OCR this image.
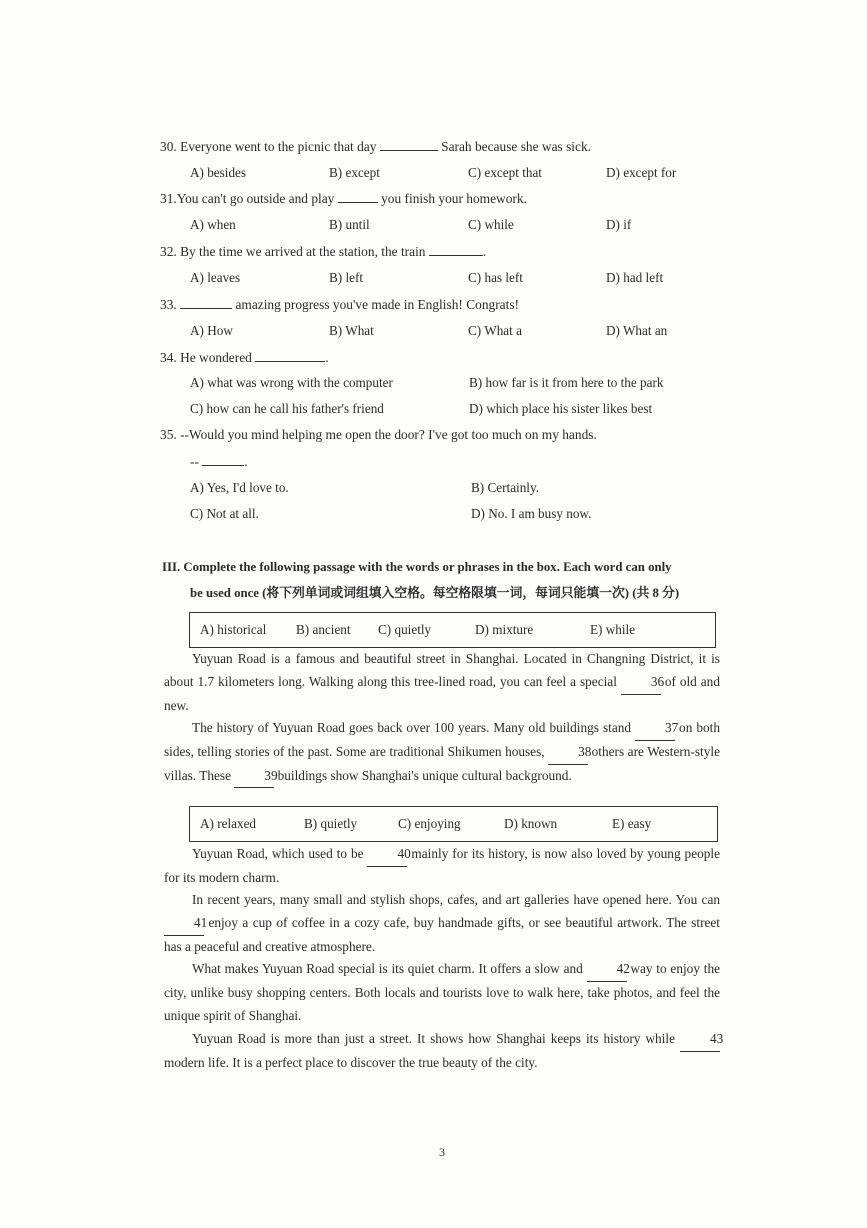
30. Everyone went to the picnic that day	Sarah because she was sick.
A) besides	B) except	C) except that	D) except for
31.You can't go outside and play	you finish your homework.
A) when	B) until	C) while	D) if
32. By the time we arrived at the station, the train	.
A) leaves	B) left	C) has left	D) had left
33.	amazing progress you've made in English! Congrats!
A) How	B) What	C) What a	D) What an
34. He wondered	.
A) what was wrong with the computer	B) how far is it from here to the park
C) how can he call his father's friend	D) which place his sister likes best
35. --Would you mind helping me open the door? I've got too much on my hands.
--	.
A) Yes, I'd love to.	B) Certainly.
C) Not at all.	D) No. I am busy now.
III. Complete the following passage with the words or phrases in the box. Each word can only
be used once (将下列单词或词组填入空格。每空格限填一词，每词只能填一次) (共 8 分)
A) historical B) ancient C) quietly	D) mixture	E) while

Yuyuan Road is a famous and beautiful street in Shanghai. Located in Changning District, it is about 1.7 kilometers long. Walking along this tree-lined road, you can feel a special	36 of old and new.

The history of Yuyuan Road goes back over 100 years. Many old buildings stand	37 on both sides, telling stories of the past. Some are traditional Shikumen houses,	38 others are Western-style villas. These	39 buildings show Shanghai's unique cultural background.

A) relaxed	B) quietly	C) enjoying	D) known	E) easy

Yuyuan Road, which used to be	40 mainly for its history, is now also loved by young people for its modern charm.

In recent years, many small and stylish shops, cafes, and art galleries have opened here. You can 41 enjoy a cup of coffee in a cozy cafe, buy handmade gifts, or see beautiful artwork. The street has a peaceful and creative atmosphere.

What makes Yuyuan Road special is its quiet charm. It offers a slow and	42 way to enjoy the city, unlike busy shopping centers. Both locals and tourists love to walk here, take photos, and feel the unique spirit of Shanghai.

Yuyuan Road is more than just a street. It shows how Shanghai keeps its history while	43 modern life. It is a perfect place to discover the true beauty of the city.

3
